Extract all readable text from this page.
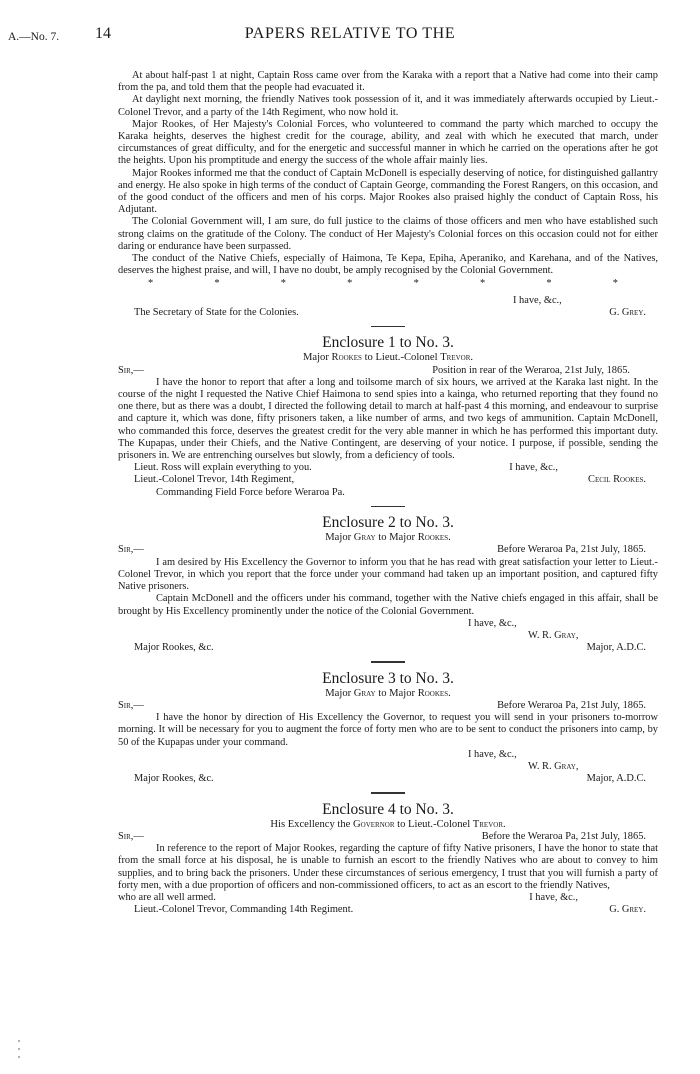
A.—No. 7. 14	PAPERS RELATIVE TO THE

At about half-past 1 at night, Captain Ross came over from the Karaka with a report that a Native had come into their camp from the pa, and told them that the people had evacuated it.

At daylight next morning, the friendly Natives took possession of it, and it was immediately afterwards occupied by Lieut.-Colonel Trevor, and a party of the 14th Regiment, who now hold it.

Major Rookes, of Her Majesty's Colonial Forces, who volunteered to command the party which marched to occupy the Karaka heights, deserves the highest credit for the courage, ability, and zeal with which he executed that march, under circumstances of great difficulty, and for the energetic and successful manner in which he carried on the operations after he got the heights. Upon his promptitude and energy the success of the whole affair mainly lies.

Major Rookes informed me that the conduct of Captain McDonell is especially deserving of notice, for distinguished gallantry and energy. He also spoke in high terms of the conduct of Captain George, commanding the Forest Rangers, on this occasion, and of the good conduct of the officers and men of his corps. Major Rookes also praised highly the conduct of Captain Ross, his Adjutant.

The Colonial Government will, I am sure, do full justice to the claims of those officers and men who have established such strong claims on the gratitude of the Colony. The conduct of Her Majesty's Colonial forces on this occasion could not for either daring or endurance have been surpassed.

The conduct of the Native Chiefs, especially of Haimona, Te Kepa, Epiha, Aperaniko, and Karehana, and of the Natives, deserves the highest praise, and will, I have no doubt, be amply recognised by the Colonial Government.

*	*	*	*	*	*	*	*
I have, &c.,
The Secretary of State for the Colonies.	G. Grey.
Enclosure 1 to No. 3.
Major Rookes to Lieut.-Colonel Trevor.
Sir,—	Position in rear of the Weraroa, 21st July, 1865.

I have the honor to report that after a long and toilsome march of six hours, we arrived at the Karaka last night. In the course of the night I requested the Native Chief Haimona to send spies into a kainga, who returned reporting that they found no one there, but as there was a doubt, I directed the following detail to march at half-past 4 this morning, and endeavour to surprise and capture it, which was done, fifty prisoners taken, a like number of arms, and two kegs of ammunition. Captain McDonell, who commanded this force, deserves the greatest credit for the very able manner in which he has performed this important duty. The Kupapas, under their Chiefs, and the Native Contingent, are deserving of your notice. I purpose, if possible, sending the prisoners in. We are entrenching ourselves but slowly, from a deficiency of tools.

Lieut. Ross will explain everything to you.	I have, &c.,
Lieut.-Colonel Trevor, 14th Regiment,	Cecil Rookes.
Commanding Field Force before Weraroa Pa.
Enclosure 2 to No. 3.
Major Gray to Major Rookes.
Sir,—	Before Weraroa Pa, 21st July, 1865.

I am desired by His Excellency the Governor to inform you that he has read with great satisfaction your letter to Lieut.-Colonel Trevor, in which you report that the force under your command had taken up an important position, and captured fifty Native prisoners.

Captain McDonell and the officers under his command, together with the Native chiefs engaged in this affair, shall be brought by His Excellency prominently under the notice of the Colonial Government.

I have, &c.,
W. R. Gray,
Major Rookes, &c.	Major, A.D.C.
Enclosure 3 to No. 3.
Major Gray to Major Rookes.
Sir,—	Before Weraroa Pa, 21st July, 1865.

I have the honor by direction of His Excellency the Governor, to request you will send in your prisoners to-morrow morning. It will be necessary for you to augment the force of forty men who are to be sent to conduct the prisoners into camp, by 50 of the Kupapas under your command.

I have, &c.,
W. R. Gray,
Major Rookes, &c.	Major, A.D.C.
Enclosure 4 to No. 3.
His Excellency the Governor to Lieut.-Colonel Trevor.
Sir,—	Before the Weraroa Pa, 21st July, 1865.

In reference to the report of Major Rookes, regarding the capture of fifty Native prisoners, I have the honor to state that from the small force at his disposal, he is unable to furnish an escort to the friendly Natives who are about to convey to him supplies, and to bring back the prisoners. Under these circumstances of serious emergency, I trust that you will furnish a party of forty men, with a due proportion of officers and non-commissioned officers, to act as an escort to the friendly Natives,

who are all well armed.	I have, &c.,
Lieut.-Colonel Trevor, Commanding 14th Regiment.	G. Grey.
